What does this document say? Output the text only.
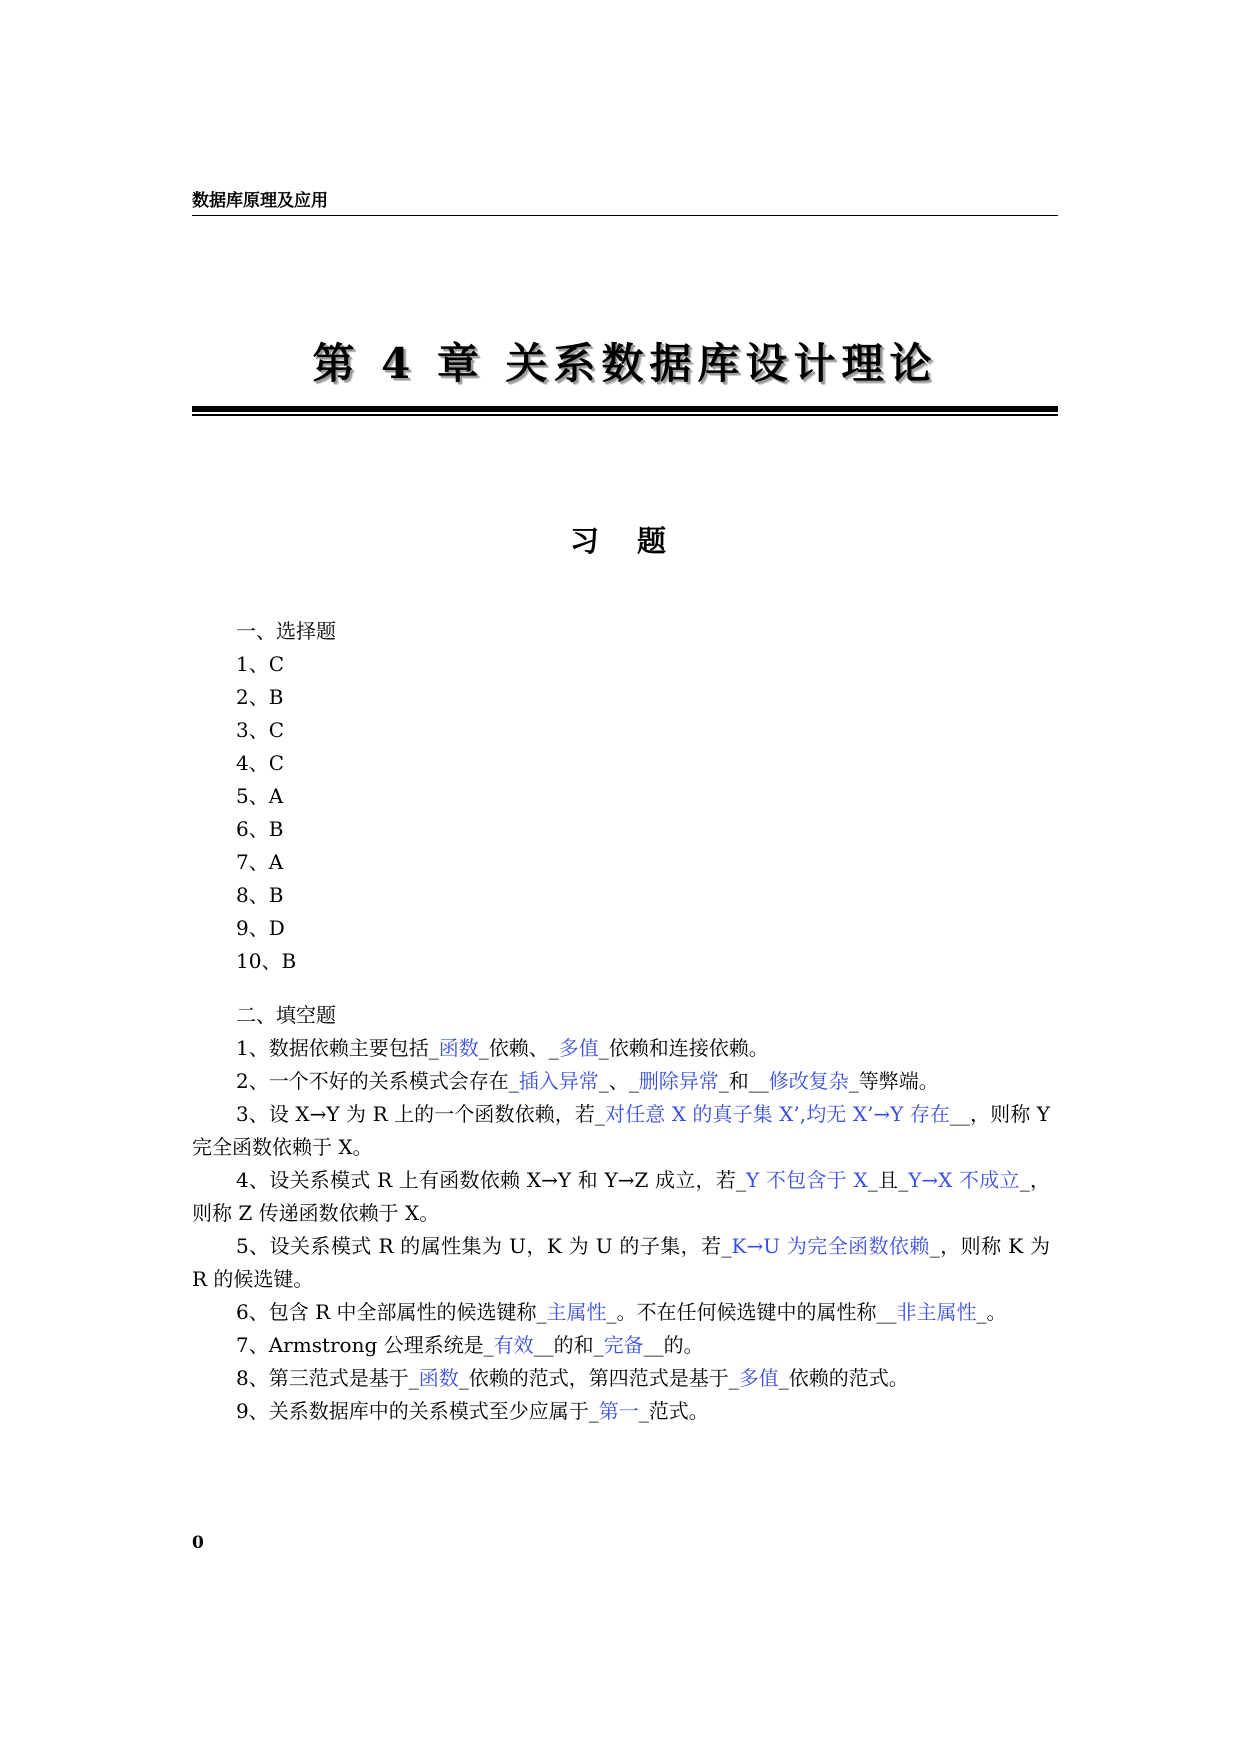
数据库原理及应用
第 4 章 关系数据库设计理论
习 题

一、选择题

1、C

2、B

3、C

4、C

5、A

6、B

7、A

8、B

9、D

10、B

二、填空题

1、数据依赖主要包括_函数_依赖、_多值_依赖和连接依赖。

2、一个不好的关系模式会存在_插入异常_、_删除异常_和__修改复杂_等弊端。

3、设 X→Y 为 R 上的一个函数依赖，若_对任意 X 的真子集 X’,均无 X’→Y 存在__，则称 Y 完全函数依赖于 X。

4、设关系模式 R 上有函数依赖 X→Y 和 Y→Z 成立，若_Y 不包含于 X_且_Y→X 不成立_，则称 Z 传递函数依赖于 X。

5、设关系模式 R 的属性集为 U，K 为 U 的子集，若_K→U 为完全函数依赖_，则称 K 为 R 的候选键。

6、包含 R 中全部属性的候选键称_主属性_。不在任何候选键中的属性称__非主属性_。

7、Armstrong 公理系统是_有效__的和_完备__的。

8、第三范式是基于_函数_依赖的范式，第四范式是基于_多值_依赖的范式。

9、关系数据库中的关系模式至少应属于_第一_范式。

0
